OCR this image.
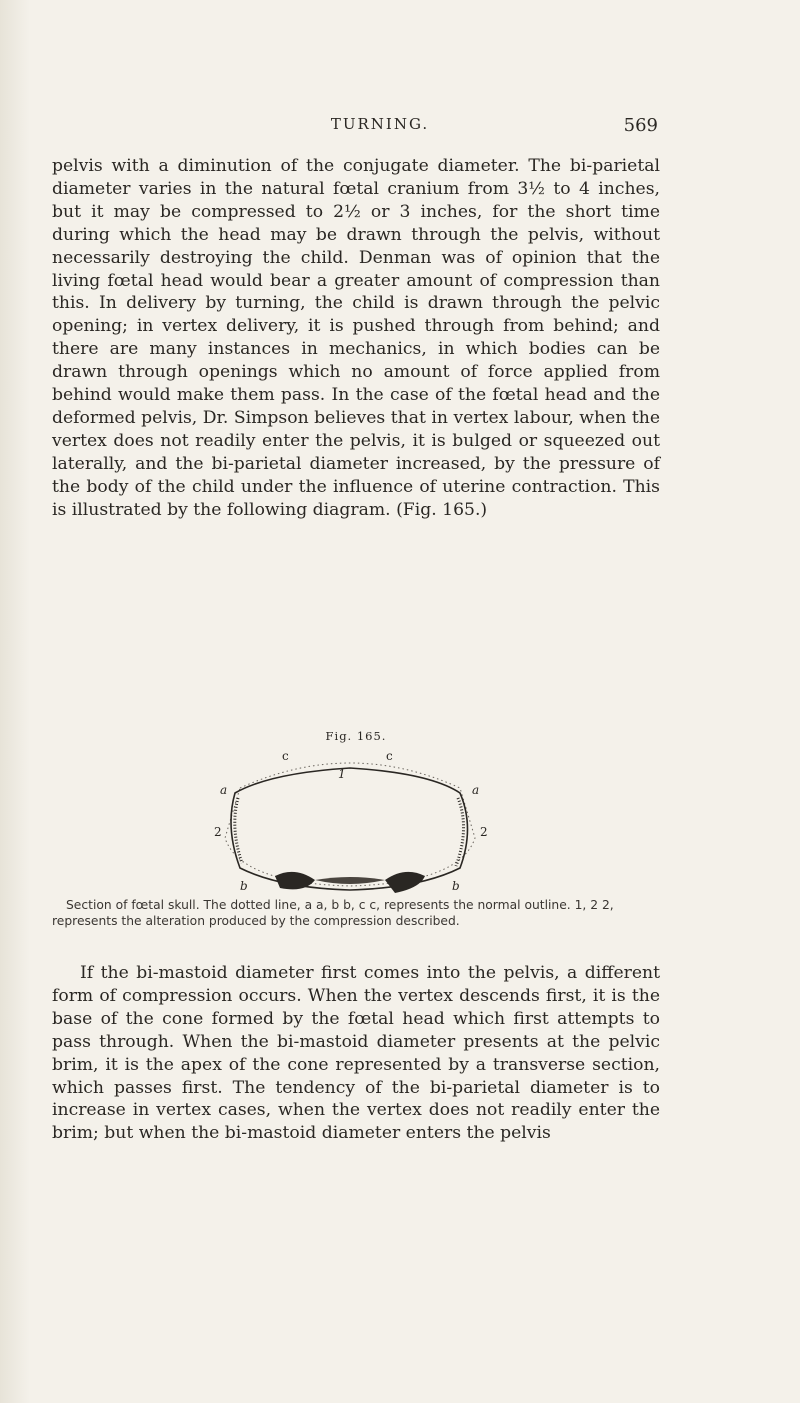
TURNING.	569

pelvis with a diminution of the conjugate diameter. The bi-parietal diameter varies in the natural fœtal cranium from 3½ to 4 inches, but it may be compressed to 2½ or 3 inches, for the short time during which the head may be drawn through the pelvis, without necessarily destroying the child. Denman was of opinion that the living fœtal head would bear a greater amount of compression than this. In delivery by turning, the child is drawn through the pelvic opening; in vertex delivery, it is pushed through from behind; and there are many instances in mechanics, in which bodies can be drawn through openings which no amount of force applied from behind would make them pass. In the case of the fœtal head and the deformed pelvis, Dr. Simpson believes that in vertex labour, when the vertex does not readily enter the pelvis, it is bulged or squeezed out laterally, and the bi-parietal diameter increased, by the pressure of the body of the child under the influence of uterine contraction. This is illustrated by the following diagram. (Fig. 165.)

Fig. 165.
c	c
1
a	a
2	2
b	b
Section of fœtal skull. The dotted line, a a, b b, c c, represents the normal outline. 1, 2 2, represents the alteration produced by the compression described.

If the bi-mastoid diameter first comes into the pelvis, a different form of compression occurs. When the vertex descends first, it is the base of the cone formed by the fœtal head which first attempts to pass through. When the bi-mastoid diameter presents at the pelvic brim, it is the apex of the cone represented by a transverse section, which passes first. The tendency of the bi-parietal diameter is to increase in vertex cases, when the vertex does not readily enter the brim; but when the bi-mastoid diameter enters the pelvis
